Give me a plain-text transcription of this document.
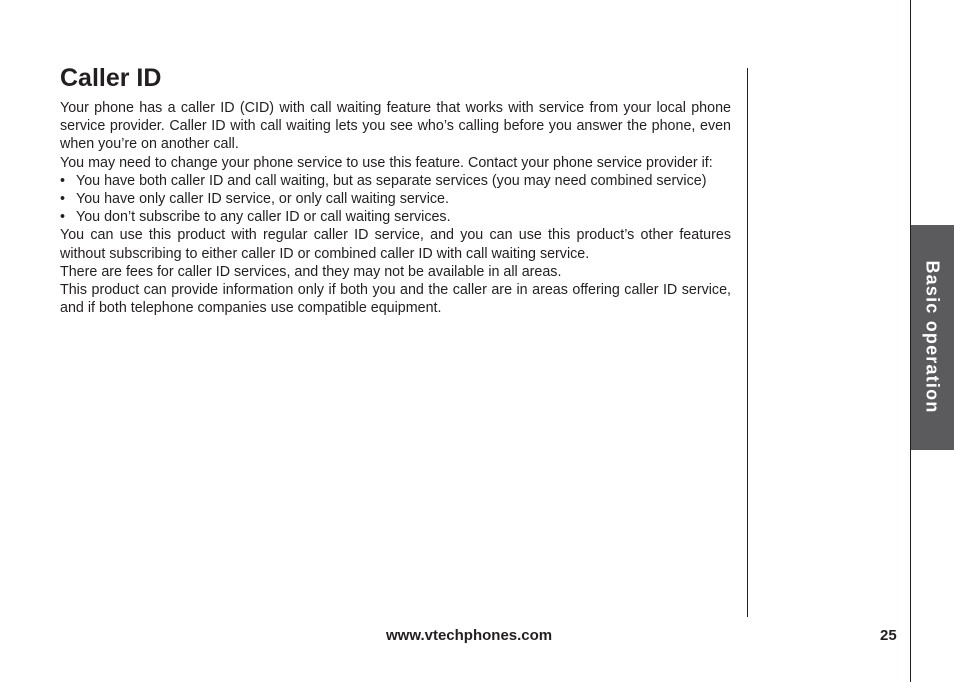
Caller ID

Your phone has a caller ID (CID) with call waiting feature that works with service from your local phone service provider. Caller ID with call waiting lets you see who’s calling before you answer the phone, even when you’re on another call.

You may need to change your phone service to use this feature. Contact your phone service provider if:

• You have both caller ID and call waiting, but as separate services (you may need combined service)
• You have only caller ID service, or only call waiting service.
• You don’t subscribe to any caller ID or call waiting services.

You can use this product with regular caller ID service, and you can use this product’s other features without subscribing to either caller ID or combined caller ID with call waiting service.

There are fees for caller ID services, and they may not be available in all areas.

This product can provide information only if both you and the caller are in areas offering caller ID service, and if both telephone companies use compatible equipment.	Basic operation
www.vtechphones.com	25
